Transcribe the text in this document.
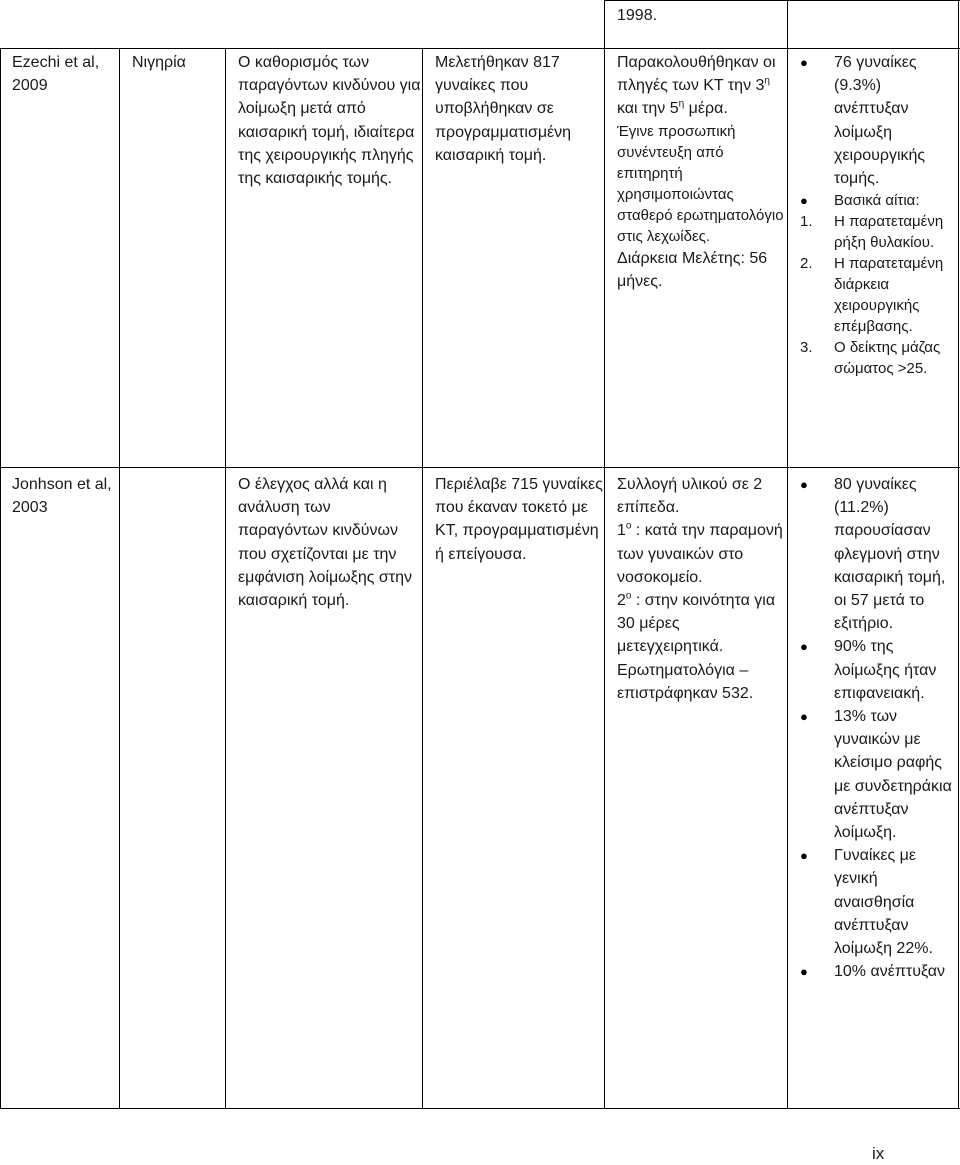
1998.
Ezechi et al, 2009
Νιγηρία	Ο καθορισμός των παραγόντων κινδύνου για λοίμωξη μετά από καισαρική τομή, ιδιαίτερα της χειρουργικής πληγής της καισαρικής τομής.
Μελετήθηκαν 817 γυναίκες που υποβλήθηκαν σε προγραμματισμένη καισαρική τομή.
Παρακολουθήθηκαν οι πληγές των ΚΤ την $3^\eta$ και την $5^\eta$ μέρα.
Έγινε προσωπική συνέντευξη από επιτηρητή χρησιμοποιώντας σταθερό ερωτηματολόγιο στις λεχωίδες.
Διάρκεια Μελέτης: 56 μήνες.
● 76 γυναίκες (9.3%) ανέπτυξαν λοίμωξη χειρουργικής τομής.
● Βασικά αίτια:
1. Η παρατεταμένη ρήξη θυλακίου.
2. Η παρατεταμένη διάρκεια χειρουργικής επέμβασης.
3. Ο δείκτης μάζας σώματος >25.
Jonhson et al, 2003
Ο έλεγχος αλλά και η ανάλυση των παραγόντων κινδύνων που σχετίζονται με την εμφάνιση λοίμωξης στην καισαρική τομή.
Περιέλαβε 715 γυναίκες που έκαναν τοκετό με ΚΤ, προγραμματισμένη ή επείγουσα.
Συλλογή υλικού σε 2 επίπεδα.
$1^o$ : κατά την παραμονή των γυναικών στο νοσοκομείο.
$2^o$ : στην κοινότητα για 30 μέρες μετεγχειρητικά.
Ερωτηματολόγια – επιστράφηκαν 532.
● 80 γυναίκες (11.2%) παρουσίασαν φλεγμονή στην καισαρική τομή, οι 57 μετά το εξιτήριο.
● 90% της λοίμωξης ήταν επιφανειακή.
● 13% των γυναικών με κλείσιμο ραφής με συνδετηράκια ανέπτυξαν λοίμωξη.
● Γυναίκες με γενική αναισθησία ανέπτυξαν λοίμωξη 22%.
● 10% ανέπτυξαν
ix
